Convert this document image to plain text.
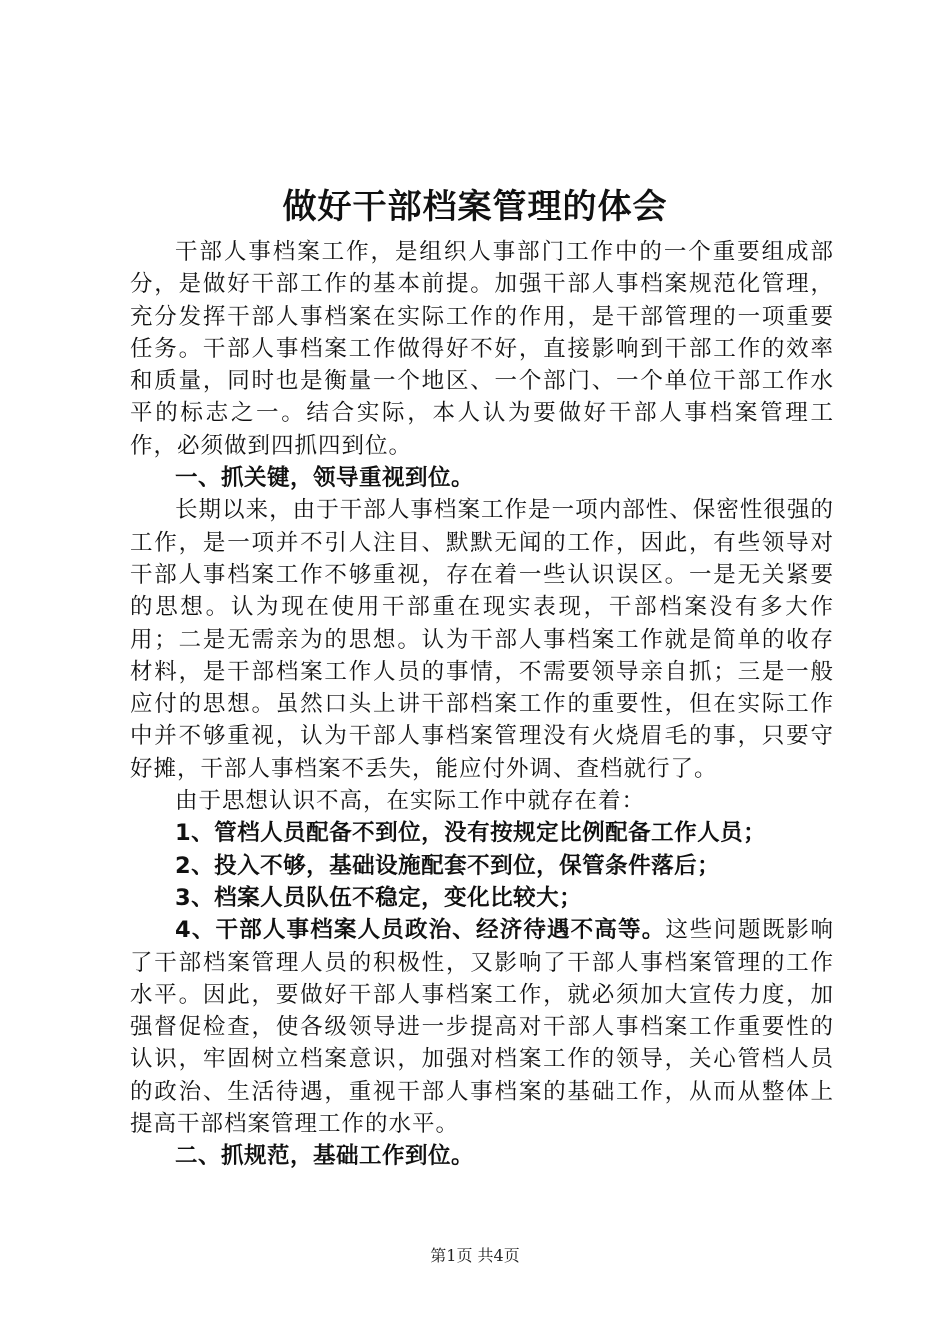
做好干部档案管理的体会

干部人事档案工作，是组织人事部门工作中的一个重要组成部分，是做好干部工作的基本前提。加强干部人事档案规范化管理，充分发挥干部人事档案在实际工作的作用，是干部管理的一项重要任务。干部人事档案工作做得好不好，直接影响到干部工作的效率和质量，同时也是衡量一个地区、一个部门、一个单位干部工作水平的标志之一。结合实际，本人认为要做好干部人事档案管理工作，必须做到四抓四到位。

一、抓关键，领导重视到位。

长期以来，由于干部人事档案工作是一项内部性、保密性很强的工作，是一项并不引人注目、默默无闻的工作，因此，有些领导对干部人事档案工作不够重视，存在着一些认识误区。一是无关紧要的思想。认为现在使用干部重在现实表现，干部档案没有多大作用；二是无需亲为的思想。认为干部人事档案工作就是简单的收存材料，是干部档案工作人员的事情，不需要领导亲自抓；三是一般应付的思想。虽然口头上讲干部档案工作的重要性，但在实际工作中并不够重视，认为干部人事档案管理没有火烧眉毛的事，只要守好摊，干部人事档案不丢失，能应付外调、查档就行了。

由于思想认识不高，在实际工作中就存在着：

1、管档人员配备不到位，没有按规定比例配备工作人员；

2、投入不够，基础设施配套不到位，保管条件落后；

3、档案人员队伍不稳定，变化比较大；

4、干部人事档案人员政治、经济待遇不高等。这些问题既影响了干部档案管理人员的积极性，又影响了干部人事档案管理的工作水平。因此，要做好干部人事档案工作，就必须加大宣传力度，加强督促检查，使各级领导进一步提高对干部人事档案工作重要性的认识，牢固树立档案意识，加强对档案工作的领导，关心管档人员的政治、生活待遇，重视干部人事档案的基础工作，从而从整体上提高干部档案管理工作的水平。

二、抓规范，基础工作到位。

第1页 共4页
